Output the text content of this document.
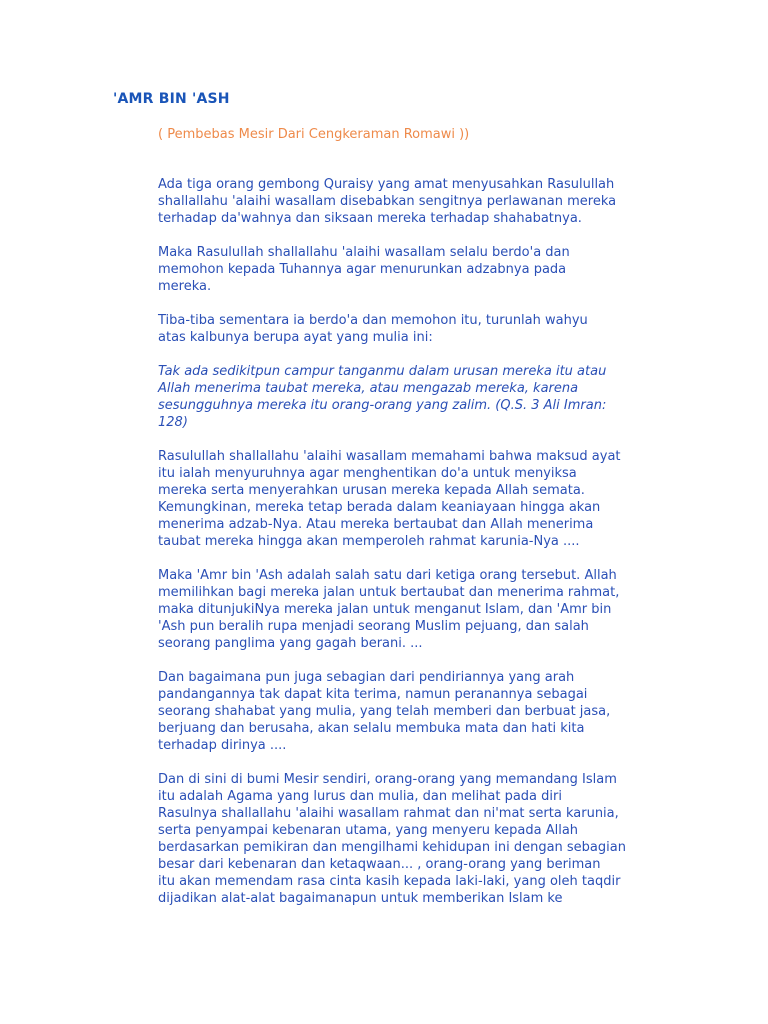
'AMR BIN 'ASH
( Pembebas Mesir Dari Cengkeraman Romawi ))
Ada tiga orang gembong Quraisy yang amat menyusahkan Rasulullah
shallallahu 'alaihi wasallam disebabkan sengitnya perlawanan mereka
terhadap da'wahnya dan siksaan mereka terhadap shahabatnya.
Maka Rasulullah shallallahu 'alaihi wasallam selalu berdo'a dan
memohon kepada Tuhannya agar menurunkan adzabnya pada
mereka.
Tiba-tiba sementara ia berdo'a dan memohon itu, turunlah wahyu
atas kalbunya berupa ayat yang mulia ini:
Tak ada sedikitpun campur tanganmu dalam urusan mereka itu atau
Allah menerima taubat mereka, atau mengazab mereka, karena
sesungguhnya mereka itu orang-orang yang zalim. (Q.S. 3 Ali Imran:
128)
Rasulullah shallallahu 'alaihi wasallam memahami bahwa maksud ayat
itu ialah menyuruhnya agar menghentikan do'a untuk menyiksa
mereka serta menyerahkan urusan mereka kepada Allah semata.
Kemungkinan, mereka tetap berada dalam keaniayaan hingga akan
menerima adzab-Nya. Atau mereka bertaubat dan Allah menerima
taubat mereka hingga akan memperoleh rahmat karunia-Nya ....
Maka 'Amr bin 'Ash adalah salah satu dari ketiga orang tersebut. Allah
memilihkan bagi mereka jalan untuk bertaubat dan menerima rahmat,
maka ditunjukiNya mereka jalan untuk menganut Islam, dan 'Amr bin
'Ash pun beralih rupa menjadi seorang Muslim pejuang, dan salah
seorang panglima yang gagah berani. ...
Dan bagaimana pun juga sebagian dari pendiriannya yang arah
pandangannya tak dapat kita terima, namun peranannya sebagai
seorang shahabat yang mulia, yang telah memberi dan berbuat jasa,
berjuang dan berusaha, akan selalu membuka mata dan hati kita
terhadap dirinya ....
Dan di sini di bumi Mesir sendiri, orang-orang yang memandang Islam
itu adalah Agama yang lurus dan mulia, dan melihat pada diri
Rasulnya shallallahu 'alaihi wasallam rahmat dan ni'mat serta karunia,
serta penyampai kebenaran utama, yang menyeru kepada Allah
berdasarkan pemikiran dan mengilhami kehidupan ini dengan sebagian
besar dari kebenaran dan ketaqwaan... , orang-orang yang beriman
itu akan memendam rasa cinta kasih kepada laki-laki, yang oleh taqdir
dijadikan alat-alat bagaimanapun untuk memberikan Islam ke
